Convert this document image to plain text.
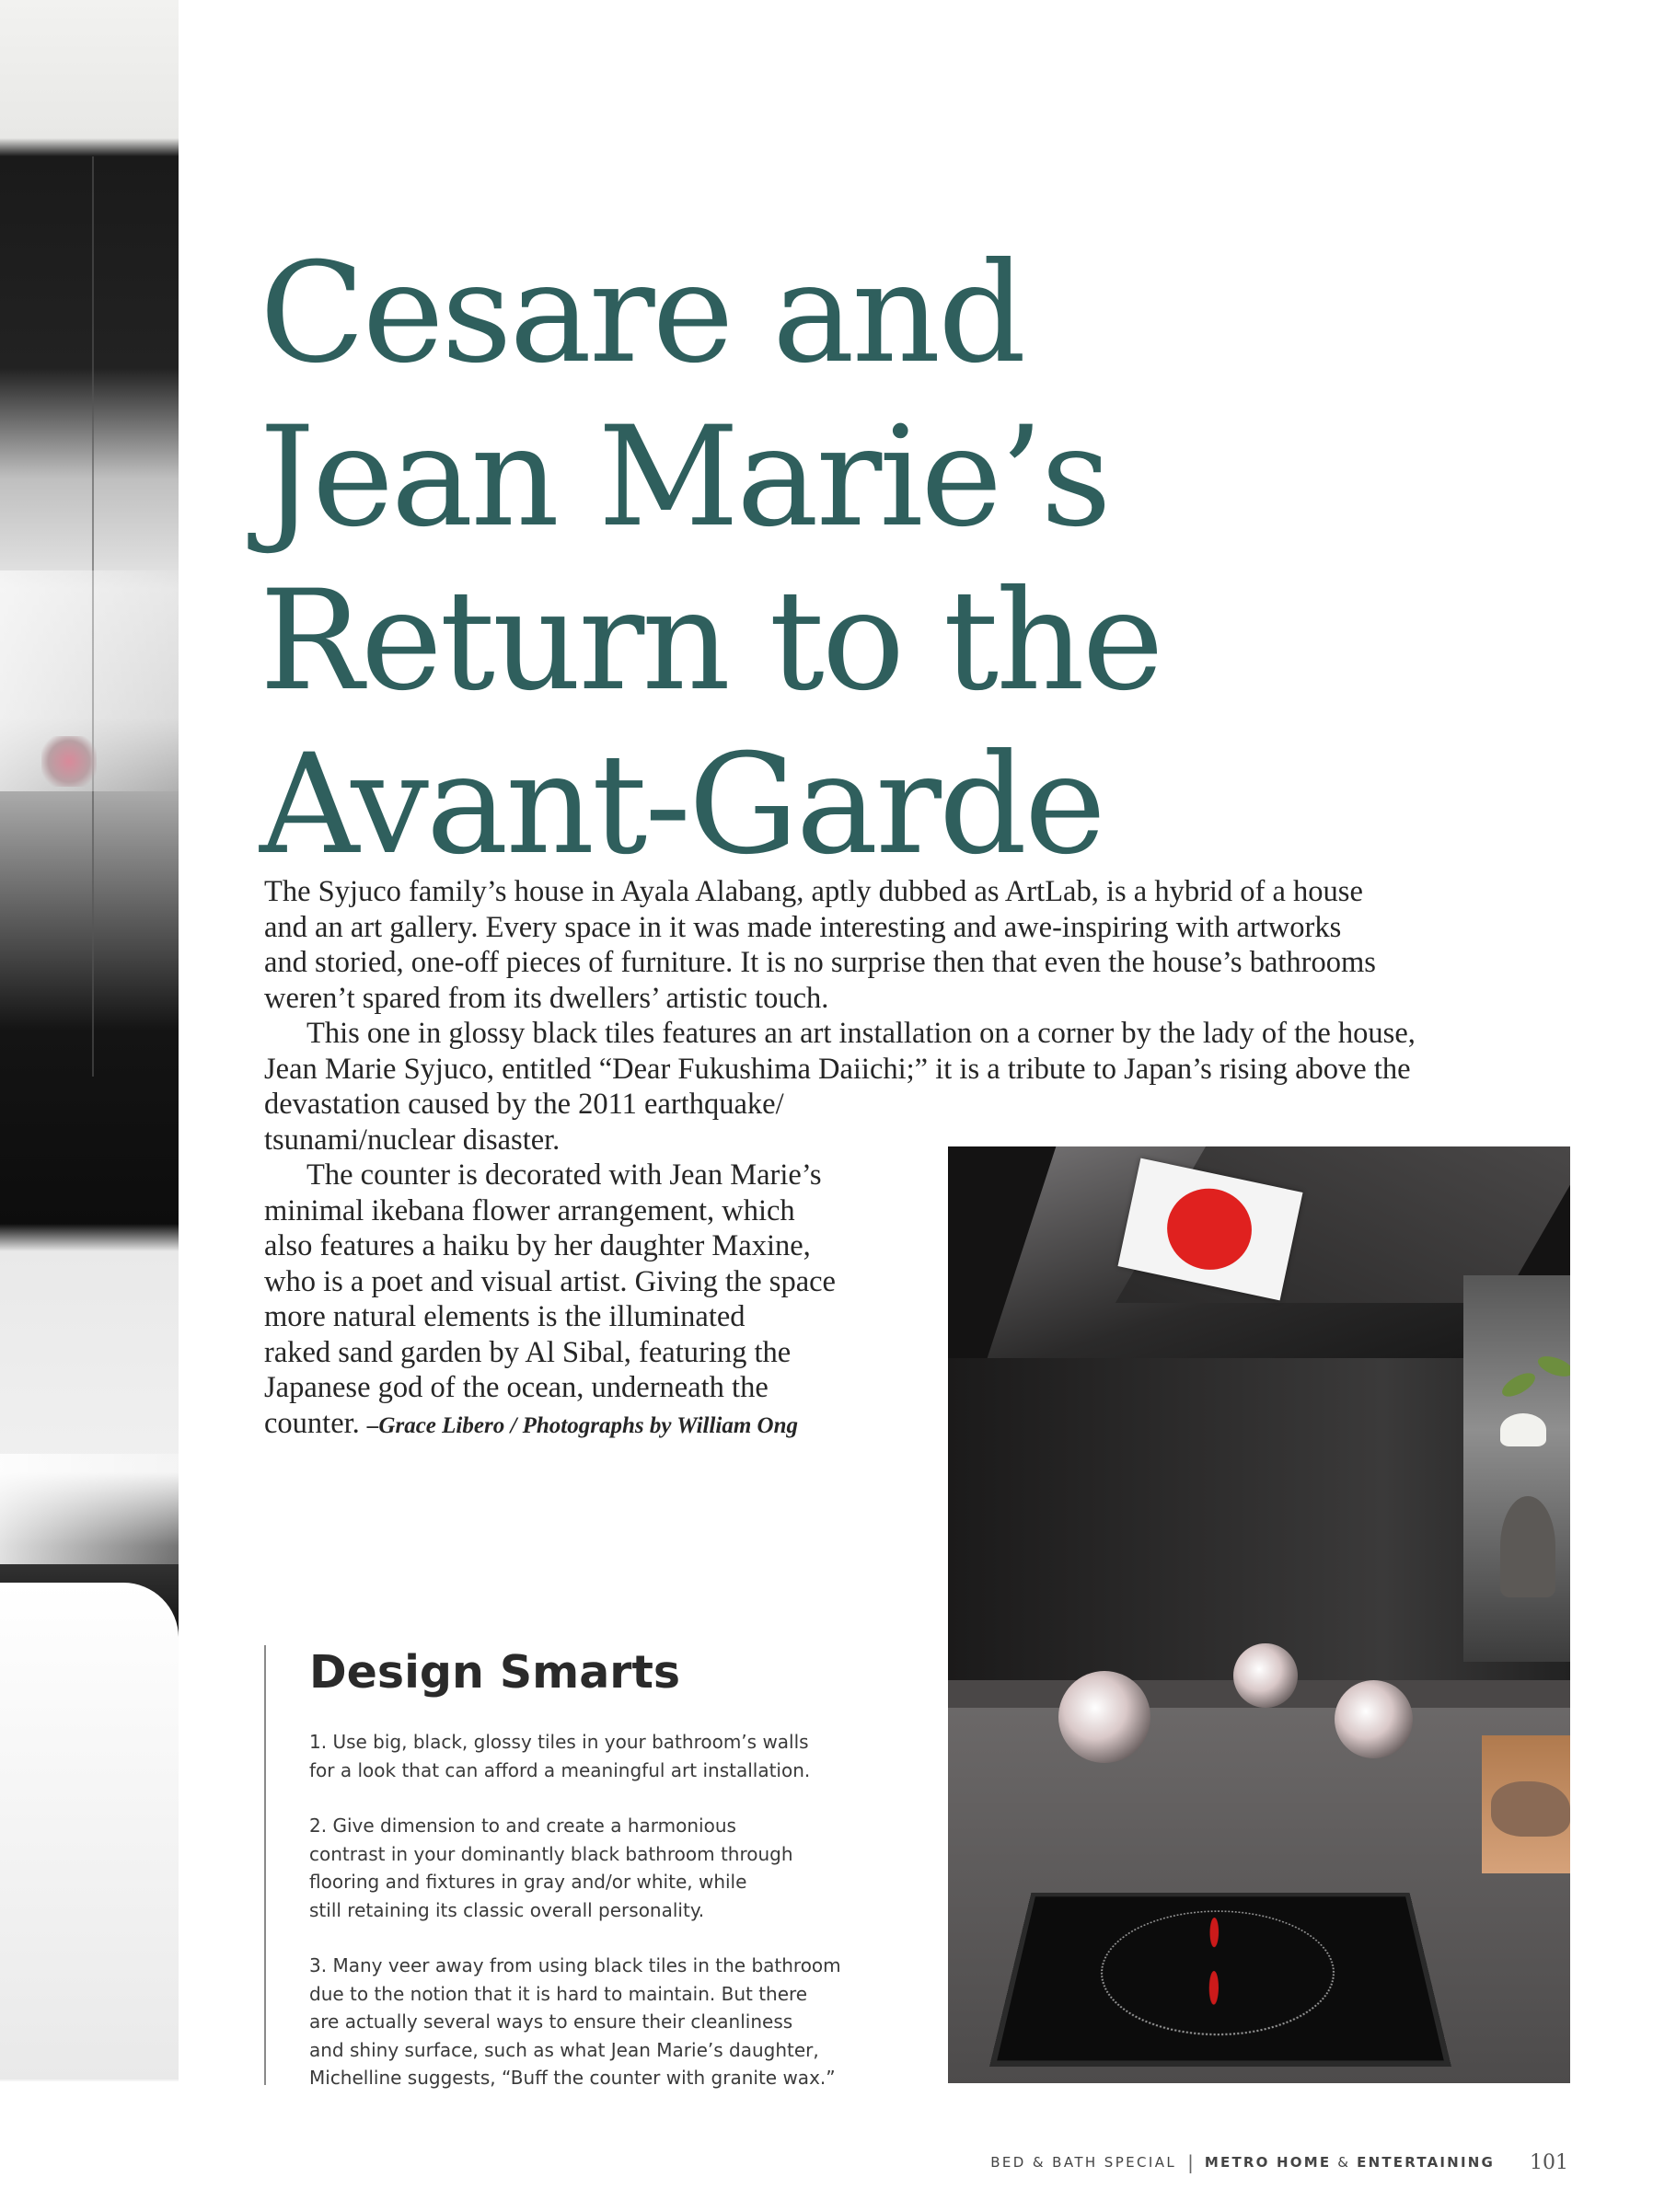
Cesare and
Jean Marie’s
Return to the
Avant-Garde

The Syjuco family’s house in Ayala Alabang, aptly dubbed as ArtLab, is a hybrid of a house
and an art gallery. Every space in it was made interesting and awe-inspiring with artworks
and storied, one-off pieces of furniture. It is no surprise then that even the house’s bathrooms
weren’t spared from its dwellers’ artistic touch.

This one in glossy black tiles features an art installation on a corner by the lady of the house,
Jean Marie Syjuco, entitled “Dear Fukushima Daiichi;” it is a tribute to Japan’s rising above the
devastation caused by the 2011 earthquake/
tsunami/nuclear disaster.

The counter is decorated with Jean Marie’s
minimal ikebana flower arrangement, which
also features a haiku by her daughter Maxine,
who is a poet and visual artist. Giving the space
more natural elements is the illuminated
raked sand garden by Al Sibal, featuring the
Japanese god of the ocean, underneath the
counter. –Grace Libero / Photographs by William Ong

Design Smarts

1. Use big, black, glossy tiles in your bathroom’s walls
for a look that can afford a meaningful art installation.

2. Give dimension to and create a harmonious
contrast in your dominantly black bathroom through
flooring and fixtures in gray and/or white, while
still retaining its classic overall personality.

3. Many veer away from using black tiles in the bathroom
due to the notion that it is hard to maintain. But there
are actually several ways to ensure their cleanliness
and shiny surface, such as what Jean Marie’s daughter,
Michelline suggests, “Buff the counter with granite wax.”

BED & BATH SPECIAL | METRO HOME & ENTERTAINING 101
